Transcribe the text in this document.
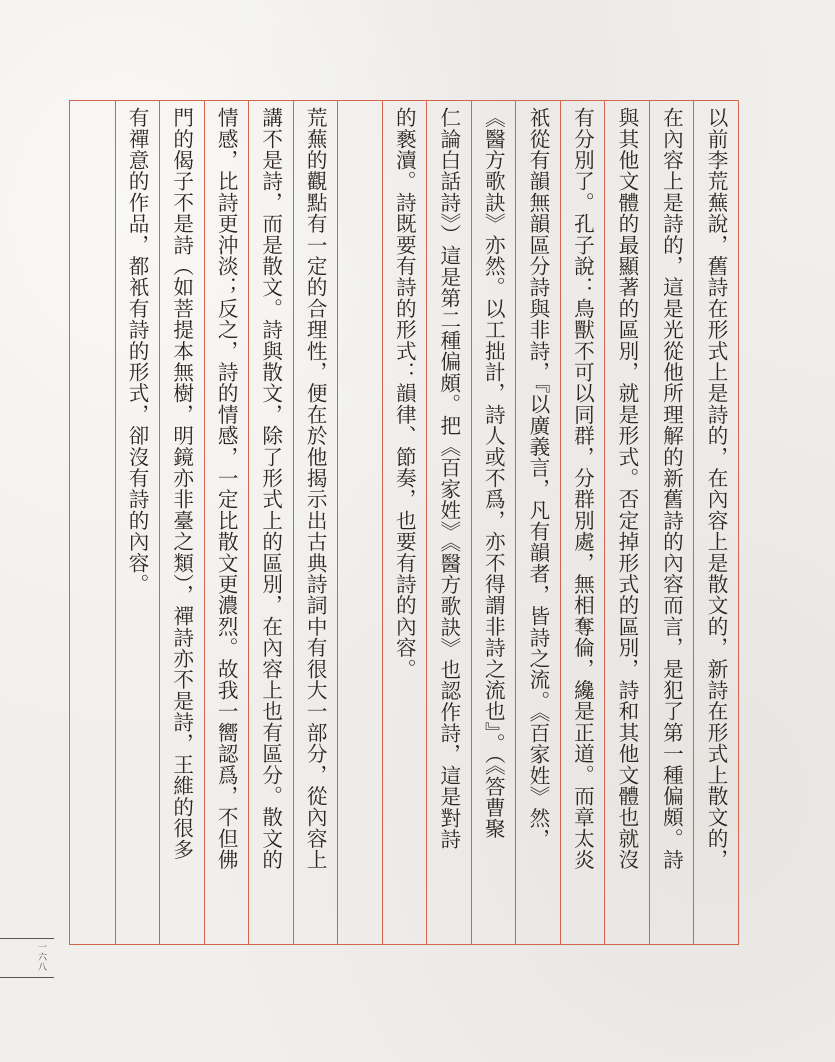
以前李荒蕪說，舊詩在形式上是詩的，在內容上是散文的，新詩在形式上散文的，
在內容上是詩的，這是光從他所理解的新舊詩的內容而言，是犯了第一種偏頗。詩
與其他文體的最顯著的區別，就是形式。否定掉形式的區別，詩和其他文體也就沒
有分別了。孔子說：鳥獸不可以同群，分群別處，無相奪倫，纔是正道。而章太炎
祇從有韻無韻區分詩與非詩，『以廣義言，凡有韻者，皆詩之流。《百家姓》然，
《醫方歌訣》亦然。以工拙計，詩人或不爲，亦不得謂非詩之流也』。（《答曹聚
仁論白話詩》）這是第二種偏頗。把《百家姓》《醫方歌訣》也認作詩，這是對詩
的褻瀆。詩既要有詩的形式：韻律、節奏，也要有詩的內容。
荒蕪的觀點有一定的合理性，便在於他揭示出古典詩詞中有很大一部分，從內容上
講不是詩，而是散文。詩與散文，除了形式上的區別，在內容上也有區分。散文的
情感，比詩更沖淡；反之，詩的情感，一定比散文更濃烈。故我一嚮認爲，不但佛
門的偈子不是詩（如菩提本無樹，明鏡亦非臺之類），禪詩亦不是詩，王維的很多
有禪意的作品，都衹有詩的形式，卻沒有詩的內容。
一六八
